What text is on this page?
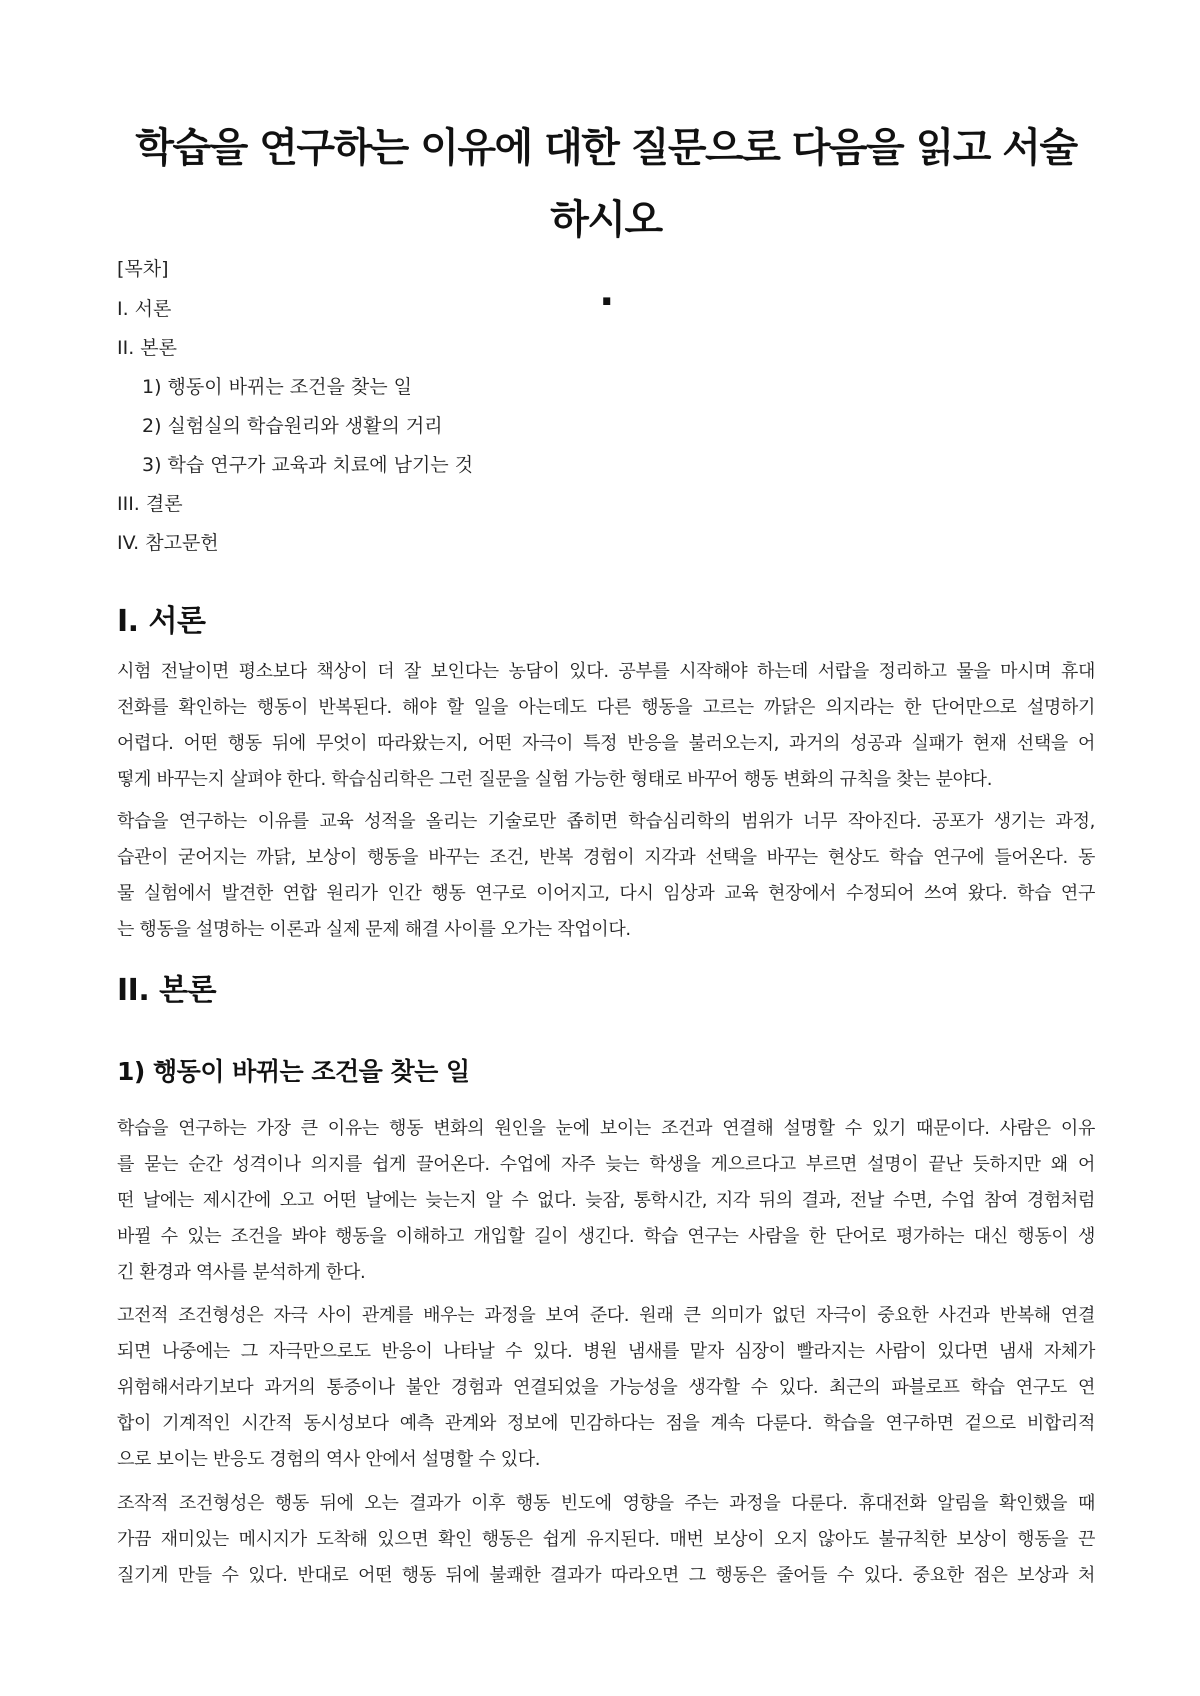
학습을 연구하는 이유에 대한 질문으로 다음을 읽고 서술하시오
.
[목차]
I. 서론
II. 본론
1) 행동이 바뀌는 조건을 찾는 일
2) 실험실의 학습원리와 생활의 거리
3) 학습 연구가 교육과 치료에 남기는 것
III. 결론
IV. 참고문헌
I. 서론
시험 전날이면 평소보다 책상이 더 잘 보인다는 농담이 있다. 공부를 시작해야 하는데 서랍을 정리하고 물을 마시며 휴대
전화를 확인하는 행동이 반복된다. 해야 할 일을 아는데도 다른 행동을 고르는 까닭은 의지라는 한 단어만으로 설명하기
어렵다. 어떤 행동 뒤에 무엇이 따라왔는지, 어떤 자극이 특정 반응을 불러오는지, 과거의 성공과 실패가 현재 선택을 어
떻게 바꾸는지 살펴야 한다. 학습심리학은 그런 질문을 실험 가능한 형태로 바꾸어 행동 변화의 규칙을 찾는 분야다.
학습을 연구하는 이유를 교육 성적을 올리는 기술로만 좁히면 학습심리학의 범위가 너무 작아진다. 공포가 생기는 과정,
습관이 굳어지는 까닭, 보상이 행동을 바꾸는 조건, 반복 경험이 지각과 선택을 바꾸는 현상도 학습 연구에 들어온다. 동
물 실험에서 발견한 연합 원리가 인간 행동 연구로 이어지고, 다시 임상과 교육 현장에서 수정되어 쓰여 왔다. 학습 연구
는 행동을 설명하는 이론과 실제 문제 해결 사이를 오가는 작업이다.
II. 본론
1) 행동이 바뀌는 조건을 찾는 일
학습을 연구하는 가장 큰 이유는 행동 변화의 원인을 눈에 보이는 조건과 연결해 설명할 수 있기 때문이다. 사람은 이유
를 묻는 순간 성격이나 의지를 쉽게 끌어온다. 수업에 자주 늦는 학생을 게으르다고 부르면 설명이 끝난 듯하지만 왜 어
떤 날에는 제시간에 오고 어떤 날에는 늦는지 알 수 없다. 늦잠, 통학시간, 지각 뒤의 결과, 전날 수면, 수업 참여 경험처럼
바뀔 수 있는 조건을 봐야 행동을 이해하고 개입할 길이 생긴다. 학습 연구는 사람을 한 단어로 평가하는 대신 행동이 생
긴 환경과 역사를 분석하게 한다.
고전적 조건형성은 자극 사이 관계를 배우는 과정을 보여 준다. 원래 큰 의미가 없던 자극이 중요한 사건과 반복해 연결
되면 나중에는 그 자극만으로도 반응이 나타날 수 있다. 병원 냄새를 맡자 심장이 빨라지는 사람이 있다면 냄새 자체가
위험해서라기보다 과거의 통증이나 불안 경험과 연결되었을 가능성을 생각할 수 있다. 최근의 파블로프 학습 연구도 연
합이 기계적인 시간적 동시성보다 예측 관계와 정보에 민감하다는 점을 계속 다룬다. 학습을 연구하면 겉으로 비합리적
으로 보이는 반응도 경험의 역사 안에서 설명할 수 있다.
조작적 조건형성은 행동 뒤에 오는 결과가 이후 행동 빈도에 영향을 주는 과정을 다룬다. 휴대전화 알림을 확인했을 때
가끔 재미있는 메시지가 도착해 있으면 확인 행동은 쉽게 유지된다. 매번 보상이 오지 않아도 불규칙한 보상이 행동을 끈
질기게 만들 수 있다. 반대로 어떤 행동 뒤에 불쾌한 결과가 따라오면 그 행동은 줄어들 수 있다. 중요한 점은 보상과 처
